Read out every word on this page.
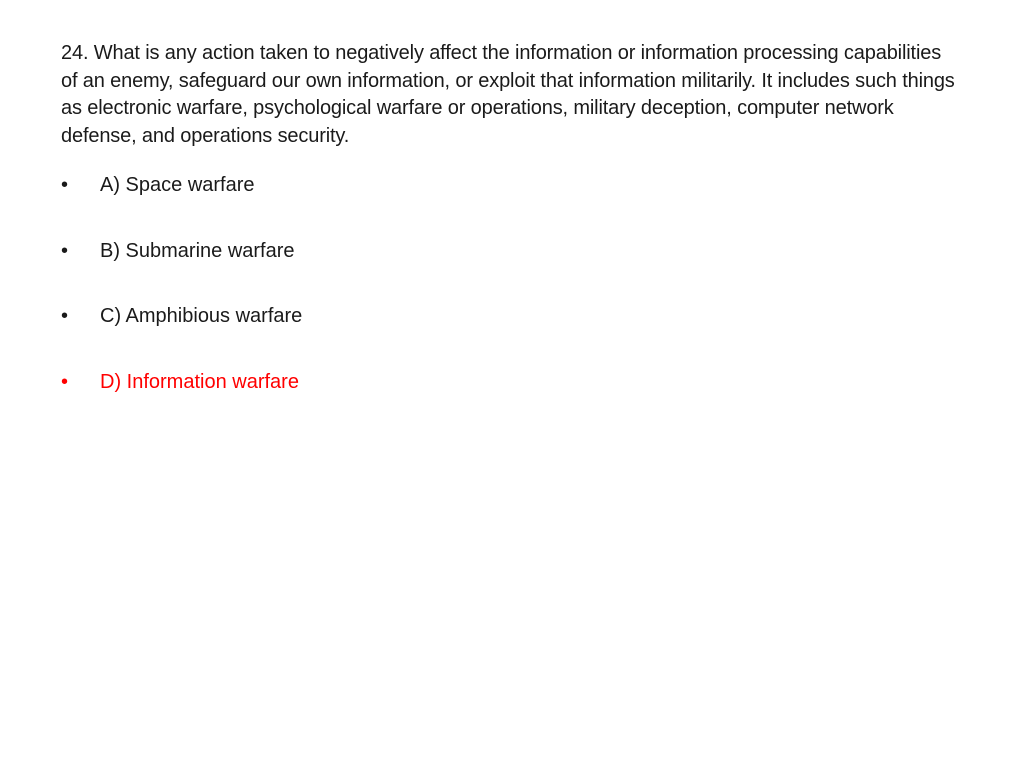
24. What is any action taken to negatively affect the information or information processing capabilities of an enemy, safeguard our own information, or exploit that information militarily. It includes such things as electronic warfare, psychological warfare or operations, military deception, computer network defense, and operations security.

•	A) Space warfare
•	B) Submarine warfare
•	C) Amphibious warfare
•	D) Information warfare
